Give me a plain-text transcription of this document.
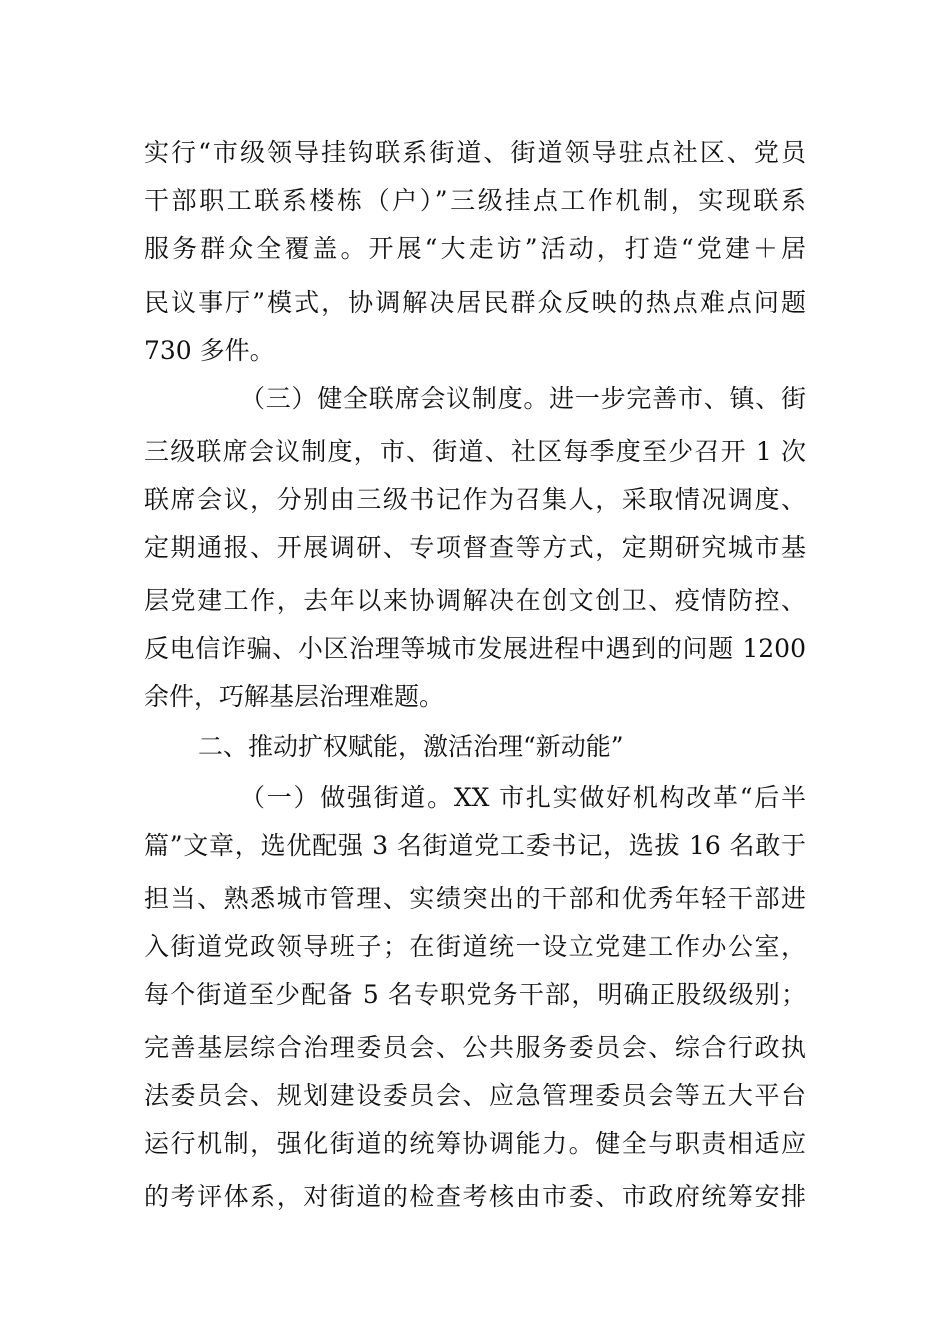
实行“市级领导挂钩联系街道、街道领导驻点社区、党员
干部职工联系楼栋（户）”三级挂点工作机制，实现联系
服务群众全覆盖。开展“大走访”活动，打造“党建＋居
民议事厅”模式，协调解决居民群众反映的热点难点问题
730 多件。
（三）健全联席会议制度。进一步完善市、镇、街
三级联席会议制度，市、街道、社区每季度至少召开 1 次
联席会议，分别由三级书记作为召集人，采取情况调度、
定期通报、开展调研、专项督查等方式，定期研究城市基
层党建工作，去年以来协调解决在创文创卫、疫情防控、
反电信诈骗、小区治理等城市发展进程中遇到的问题 1200
余件，巧解基层治理难题。
二、推动扩权赋能，激活治理“新动能”
（一）做强街道。XX 市扎实做好机构改革“后半
篇”文章，选优配强 3 名街道党工委书记，选拔 16 名敢于
担当、熟悉城市管理、实绩突出的干部和优秀年轻干部进
入街道党政领导班子；在街道统一设立党建工作办公室，
每个街道至少配备 5 名专职党务干部，明确正股级级别；
完善基层综合治理委员会、公共服务委员会、综合行政执
法委员会、规划建设委员会、应急管理委员会等五大平台
运行机制，强化街道的统筹协调能力。健全与职责相适应
的考评体系，对街道的检查考核由市委、市政府统筹安排
